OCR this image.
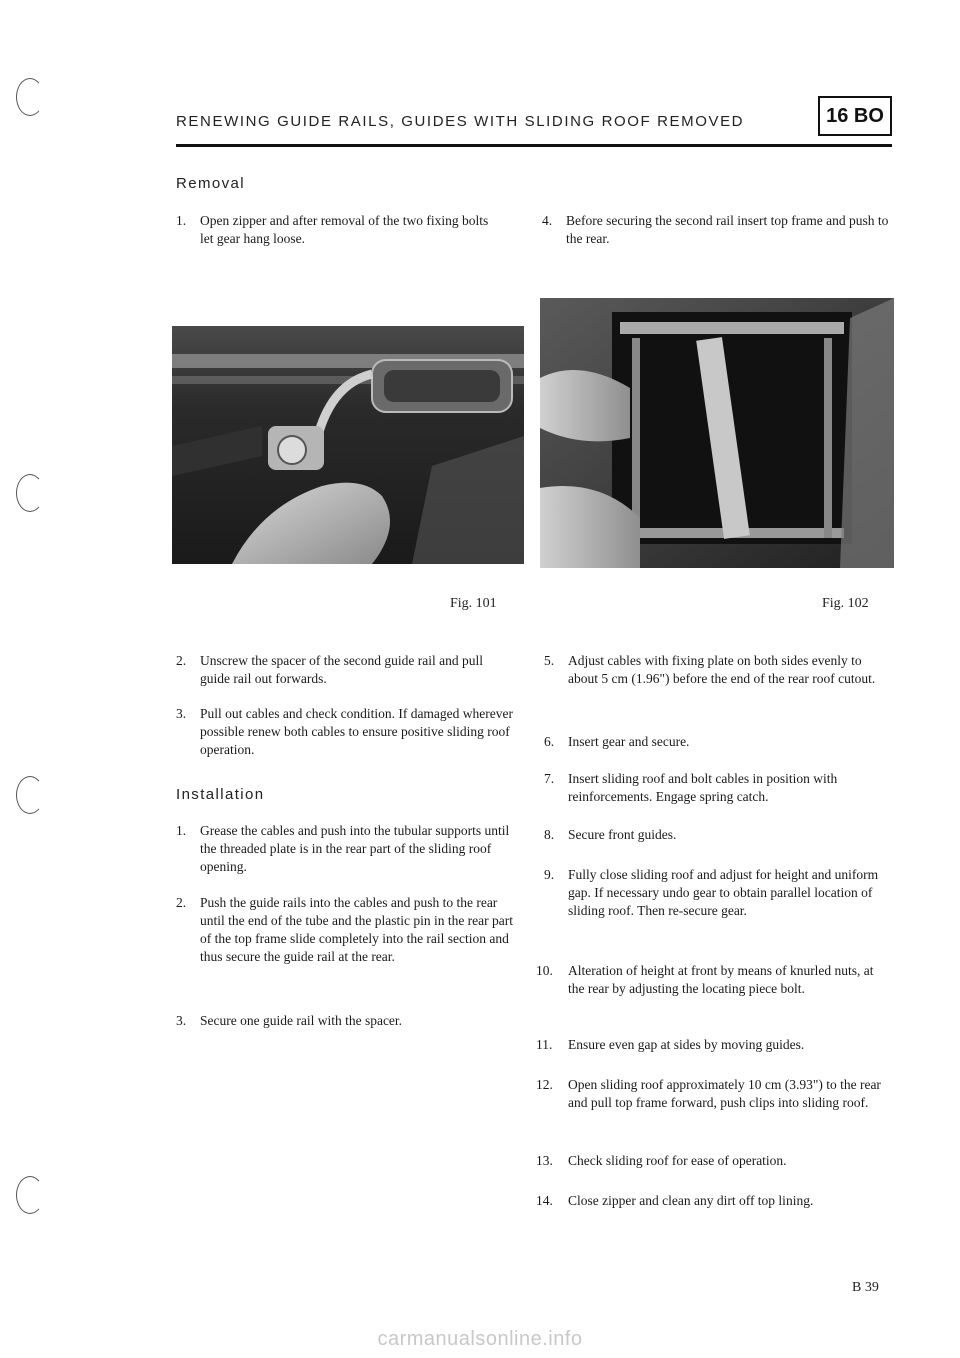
RENEWING GUIDE RAILS, GUIDES WITH SLIDING ROOF REMOVED	16 BO
Removal
1.	Open zipper and after removal of the two fixing bolts let gear hang loose.
4.	Before securing the second rail insert top frame and push to the rear.
Fig. 101	Fig. 102
2.	Unscrew the spacer of the second guide rail and pull guide rail out forwards.
3.	Pull out cables and check condition. If damaged wherever possible renew both cables to ensure positive sliding roof operation.
Installation
1.	Grease the cables and push into the tubular supports until the threaded plate is in the rear part of the sliding roof opening.
2.	Push the guide rails into the cables and push to the rear until the end of the tube and the plastic pin in the rear part of the top frame slide completely into the rail section and thus secure the guide rail at the rear.
3.	Secure one guide rail with the spacer.
5.	Adjust cables with fixing plate on both sides evenly to about 5 cm (1.96") before the end of the rear roof cutout.
6.	Insert gear and secure.
7.	Insert sliding roof and bolt cables in position with reinforcements. Engage spring catch.
8.	Secure front guides.
9.	Fully close sliding roof and adjust for height and uniform gap. If necessary undo gear to obtain parallel location of sliding roof. Then re-secure gear.
10.	Alteration of height at front by means of knurled nuts, at the rear by adjusting the locating piece bolt.
11.	Ensure even gap at sides by moving guides.
12.	Open sliding roof approximately 10 cm (3.93") to the rear and pull top frame forward, push clips into sliding roof.
13.	Check sliding roof for ease of operation.
14.	Close zipper and clean any dirt off top lining.
B 39
carmanualsonline.info
